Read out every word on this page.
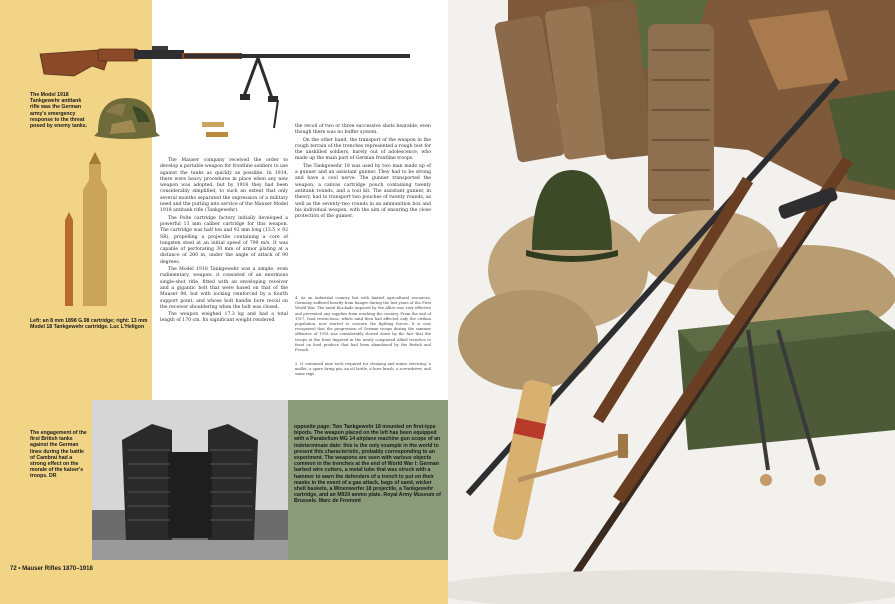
The Model 1918 Tankgewehr antitank rifle was the German army's emergency response to the threat posed by enemy tanks.
Left: an 8 mm 1898 G.98 cartridge; right: 13 mm Model 18 Tankgewehr cartridge. Luc L'Heligon
The engagement of the first British tanks against the German lines during the battle of Cambrai had a strong effect on the morale of the kaiser's troops. DR

The Mauser company received the order to develop a portable weapon for frontline soldiers to use against the tanks as quickly as possible. In 1914, there were heavy procedures in place when any new weapon was adopted, but by 1918 they had been considerably simplified, to such an extent that only several months separated the expression of a military need and the putting into service of the Mauser Model 1918 antitank rifle (Tankgewehr).

The Polte cartridge factory initially developed a powerful 13 mm caliber cartridge for this weapon. The cartridge was half ton and 92 mm long (13.5 × 92 SR), propelling a projectile containing a core of tungsten steel at an initial speed of 799 m/s. It was capable of perforating 30 mm of armor plating at a distance of 200 m, under the angle of attack of 90 degrees.

The Model 1918 Tankgewehr was a simple, even rudimentary, weapon: it consisted of an enormous single-shot rifle, fitted with an enveloping receiver and a gigantic bolt that were based on that of the Mauser 98, but with locking reinforced by a fourth support point, and whose bolt handle bore recoil on the receiver shouldering when the bolt was closed.

The weapon weighed 17.3 kg and had a total length of 170 cm. Its significant weight rendered

the recoil of two or three successive shots bearable, even though there was no buffer system.

On the other hand, the transport of the weapon in the rough terrain of the trenches represented a rough test for the unskilled soldiers, barely out of adolescence, who made up the main part of German frontline troops.

The Tankgewehr 18 was used by two man made up of a gunner and an assistant gunner. They had to be strong and have a cool nerve. The gunner transported the weapon, a canvas cartridge pouch containing twenty antitank rounds, and a tool kit. The assistant gunner, in theory, had to transport two pouches of twenty rounds, as well as the seventy-two rounds in an ammunition box and his individual weapon, with the aim of ensuring the close protection of the gunner.

4. As an industrial country but with limited agricultural resources, Germany suffered heavily from hunger during the last years of the First World War. The naval blockade imposed by the Allies was very effective and prevented any supplies from reaching the country. From the end of 1917, food restrictions, which until then had affected only the civilian population, now started to concern the fighting forces. It is now recognized that the progression of German troops during the summer offensive of 1918 was considerably slowed down by the fact that the troops at the front lingered in the newly conquered Allied trenches to feast on food produce that had been abandoned by the British and French.
5. It contained nine tools required for cleaning and minor servicing: a mallet, a spare firing pin, an oil bottle, a bore brush, a screwdriver, and some rags.
opposite page: Two Tankgewehr 18 mounted on first-type bipods. The weapon placed on the left has been equipped with a Parabellum MG 14 airplane machine gun scope of an indeterminate date: this is the only example in the world to present this characteristic, probably corresponding to an experiment. The weapons are seen with various objects common in the trenches at the end of World War I: German barbed wire cutters, a metal tube that was struck with a hammer to warn the defenders of a trench to put on their masks in the event of a gas attack, bags of sand, wicker shell baskets, a Minenwerfer 18 projectile, a Tankgewehr cartridge, and an M920 ammo plate. Royal Army Museum of Brussels. Marc de Fromont
72 • Mauser Rifles 1870–1918
